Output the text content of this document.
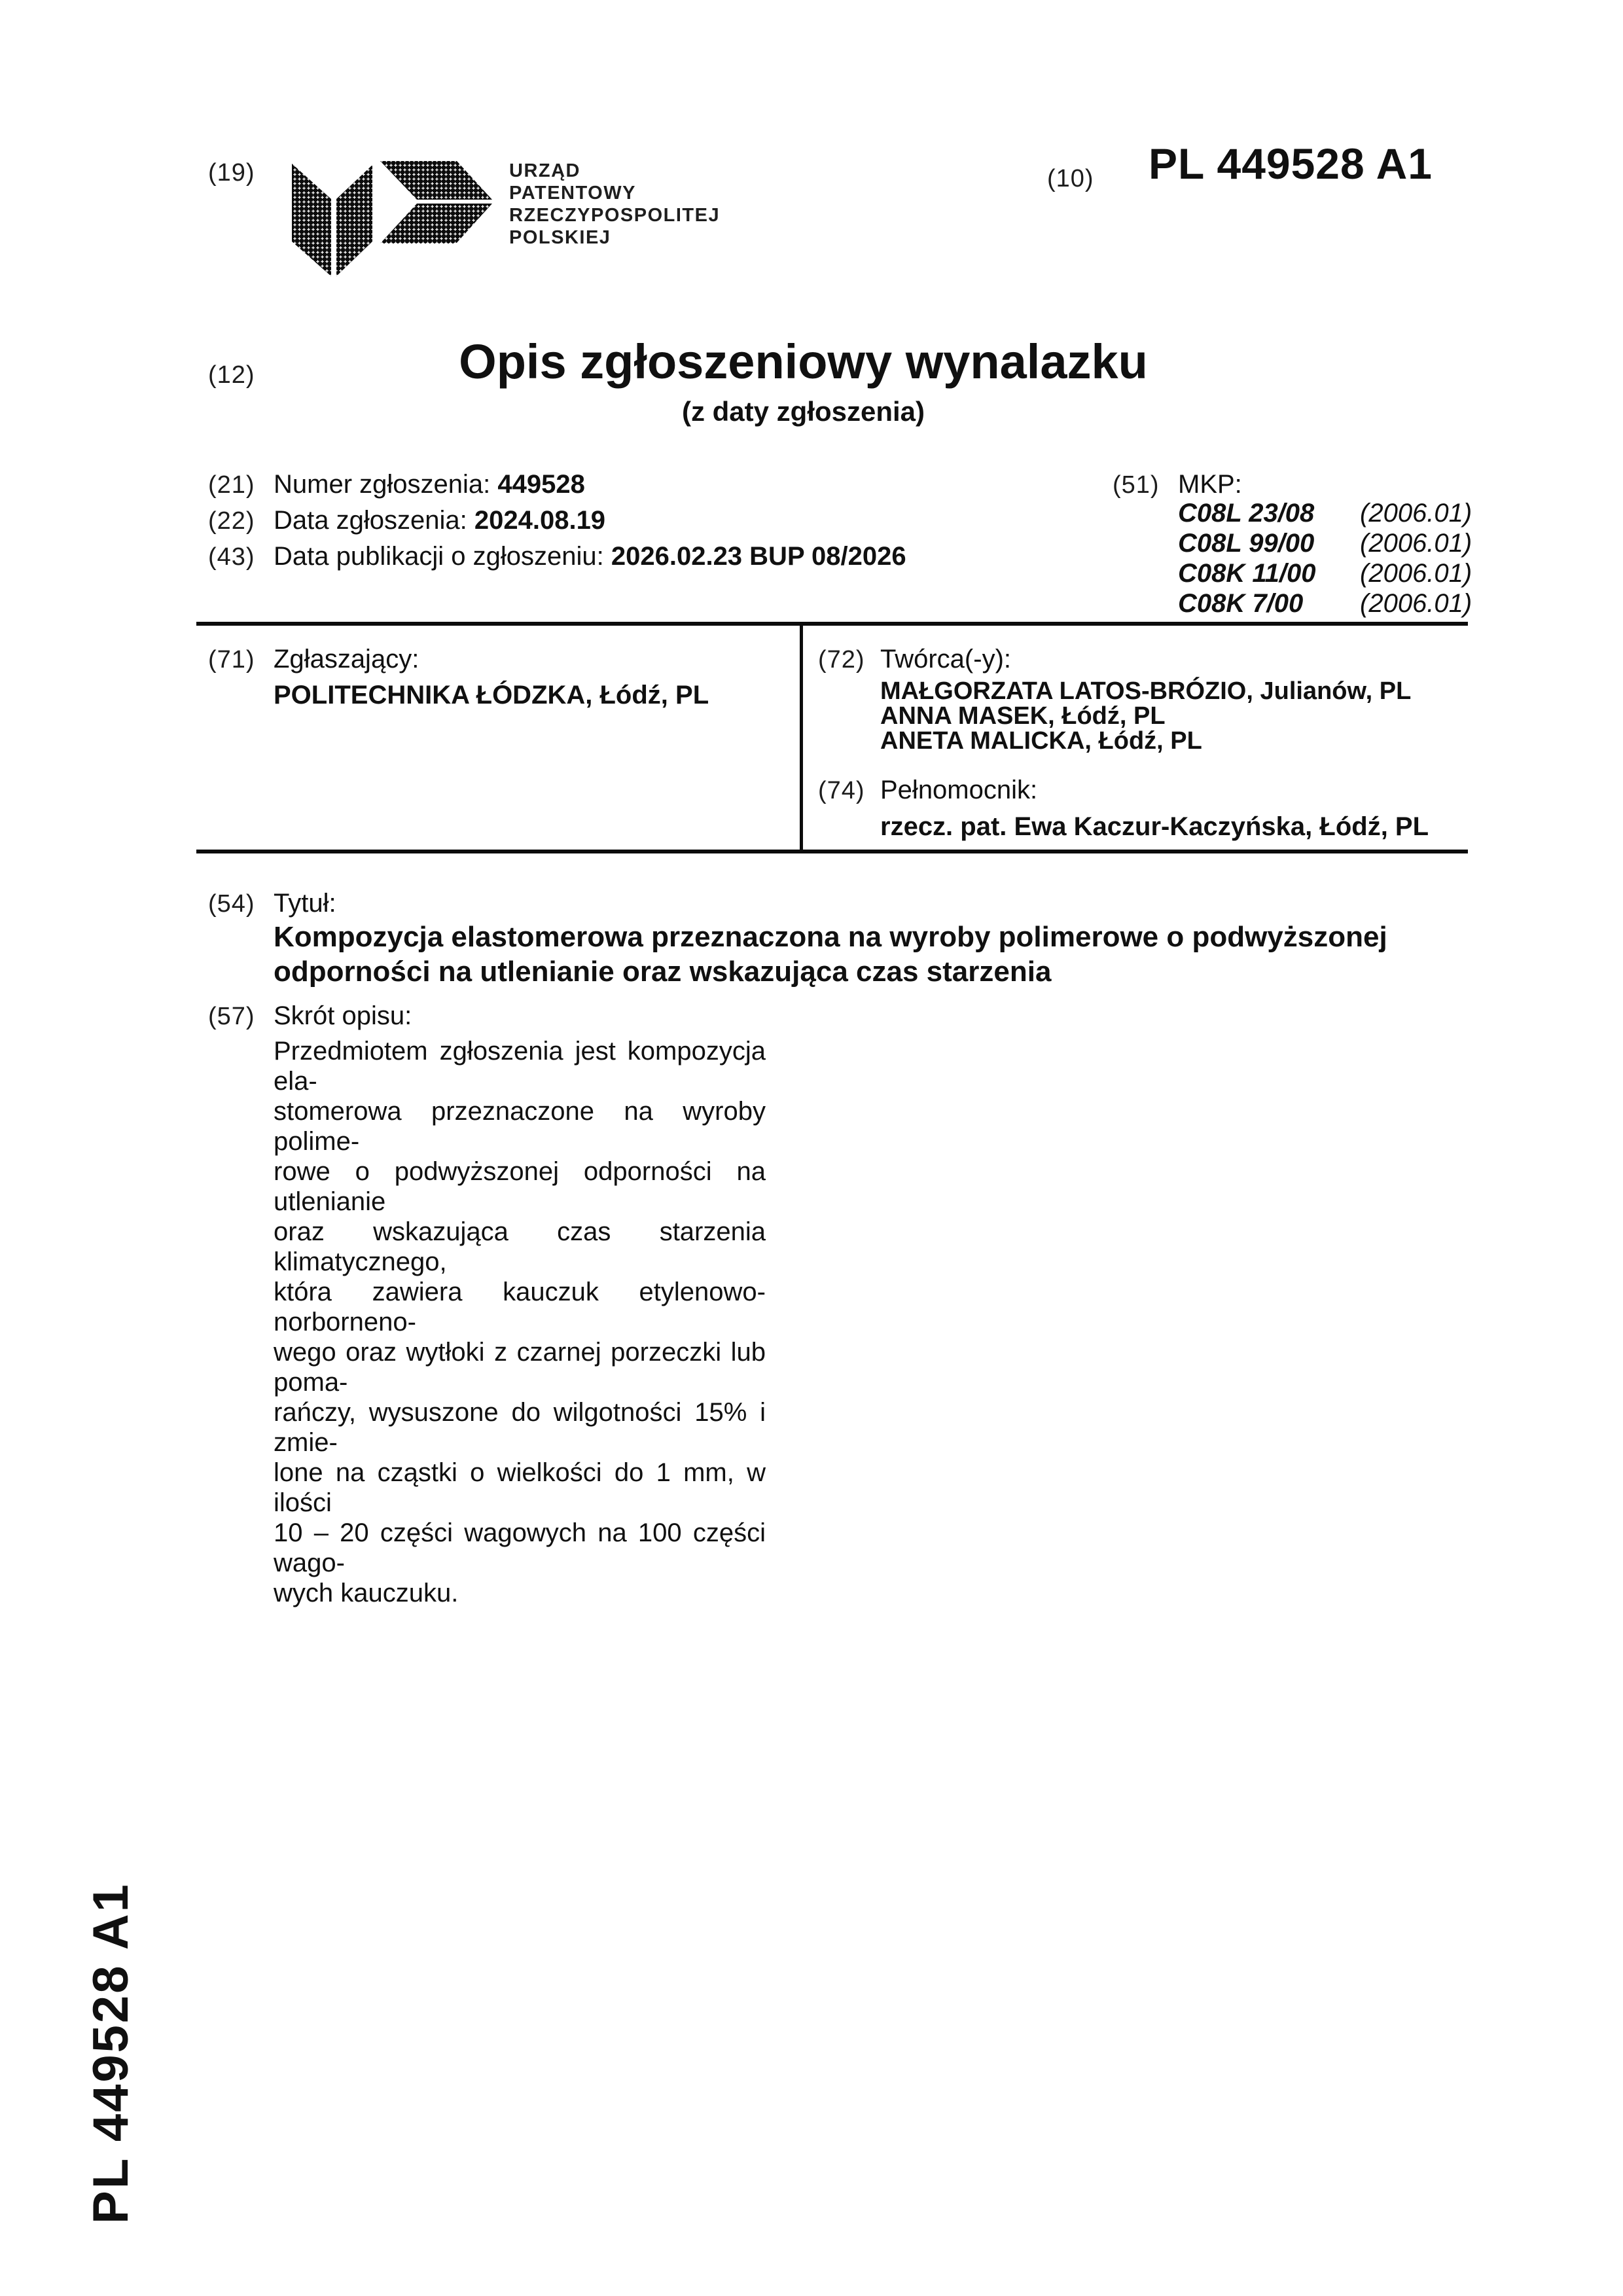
(19)	URZĄD
PATENTOWY
RZECZYPOSPOLITEJ
POLSKIEJ
(10) PL 449528 A1
(12)	Opis zgłoszeniowy wynalazku
(z daty zgłoszenia)
(21) Numer zgłoszenia: 449528
(22) Data zgłoszenia: 2024.08.19
(43) Data publikacji o zgłoszeniu: 2026.02.23 BUP 08/2026
(51) MKP:
C08L 23/08 (2006.01)
C08L 99/00 (2006.01)
C08K 11/00 (2006.01)
C08K 7/00 (2006.01)
(71) Zgłaszający:
POLITECHNIKA ŁÓDZKA, Łódź, PL
(72) Twórca(-y):
MAŁGORZATA LATOS-BRÓZIO, Julianów, PL
ANNA MASEK, Łódź, PL
ANETA MALICKA, Łódź, PL
(74) Pełnomocnik:
rzecz. pat. Ewa Kaczur-Kaczyńska, Łódź, PL
(54) Tytuł:
Kompozycja elastomerowa przeznaczona na wyroby polimerowe o podwyższonej
odporności na utlenianie oraz wskazująca czas starzenia
(57) Skrót opisu:
Przedmiotem zgłoszenia jest kompozycja ela-
stomerowa przeznaczone na wyroby polime-
rowe o podwyższonej odporności na utlenianie
oraz wskazująca czas starzenia klimatycznego,
która zawiera kauczuk etylenowo-norborneno-
wego oraz wytłoki z czarnej porzeczki lub poma-
rańczy, wysuszone do wilgotności 15% i zmie-
lone na cząstki o wielkości do 1 mm, w ilości
10 – 20 części wagowych na 100 części wago-
wych kauczuku.
PL 449528 A1
